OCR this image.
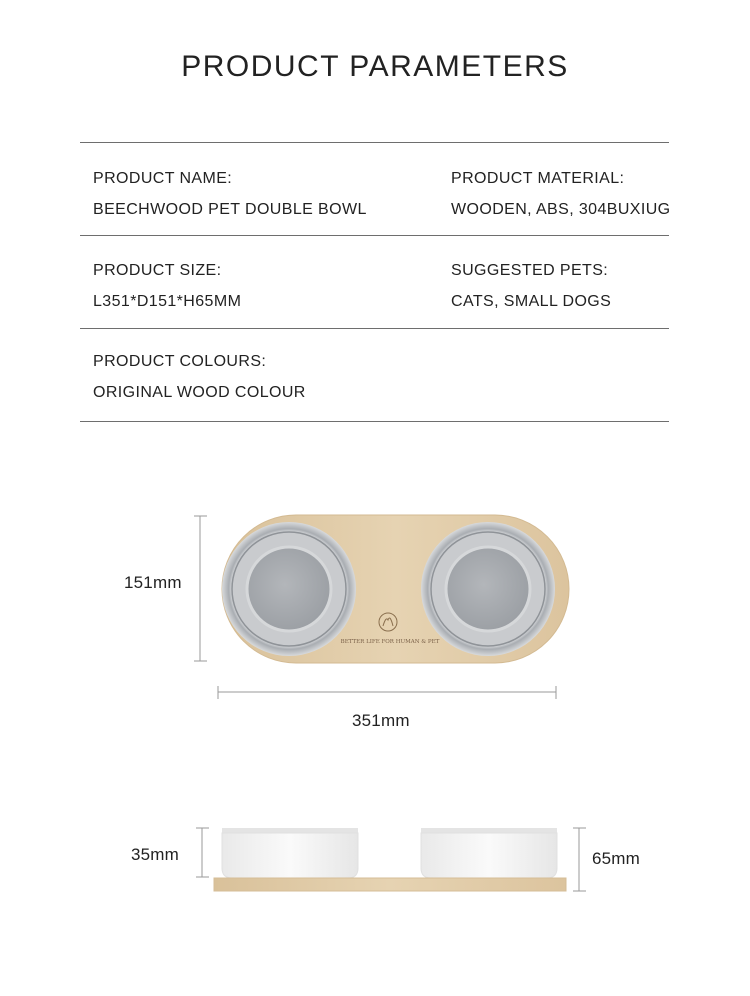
PRODUCT PARAMETERS
PRODUCT NAME:
BEECHWOOD PET DOUBLE BOWL
PRODUCT MATERIAL:
WOODEN, ABS, 304BUXIUG
PRODUCT SIZE:
L351*D151*H65MM
SUGGESTED PETS:
CATS, SMALL DOGS
PRODUCT COLOURS:
ORIGINAL WOOD COLOUR
BETTER LIFE FOR HUMAN & PET
151mm
351mm
35mm	65mm
